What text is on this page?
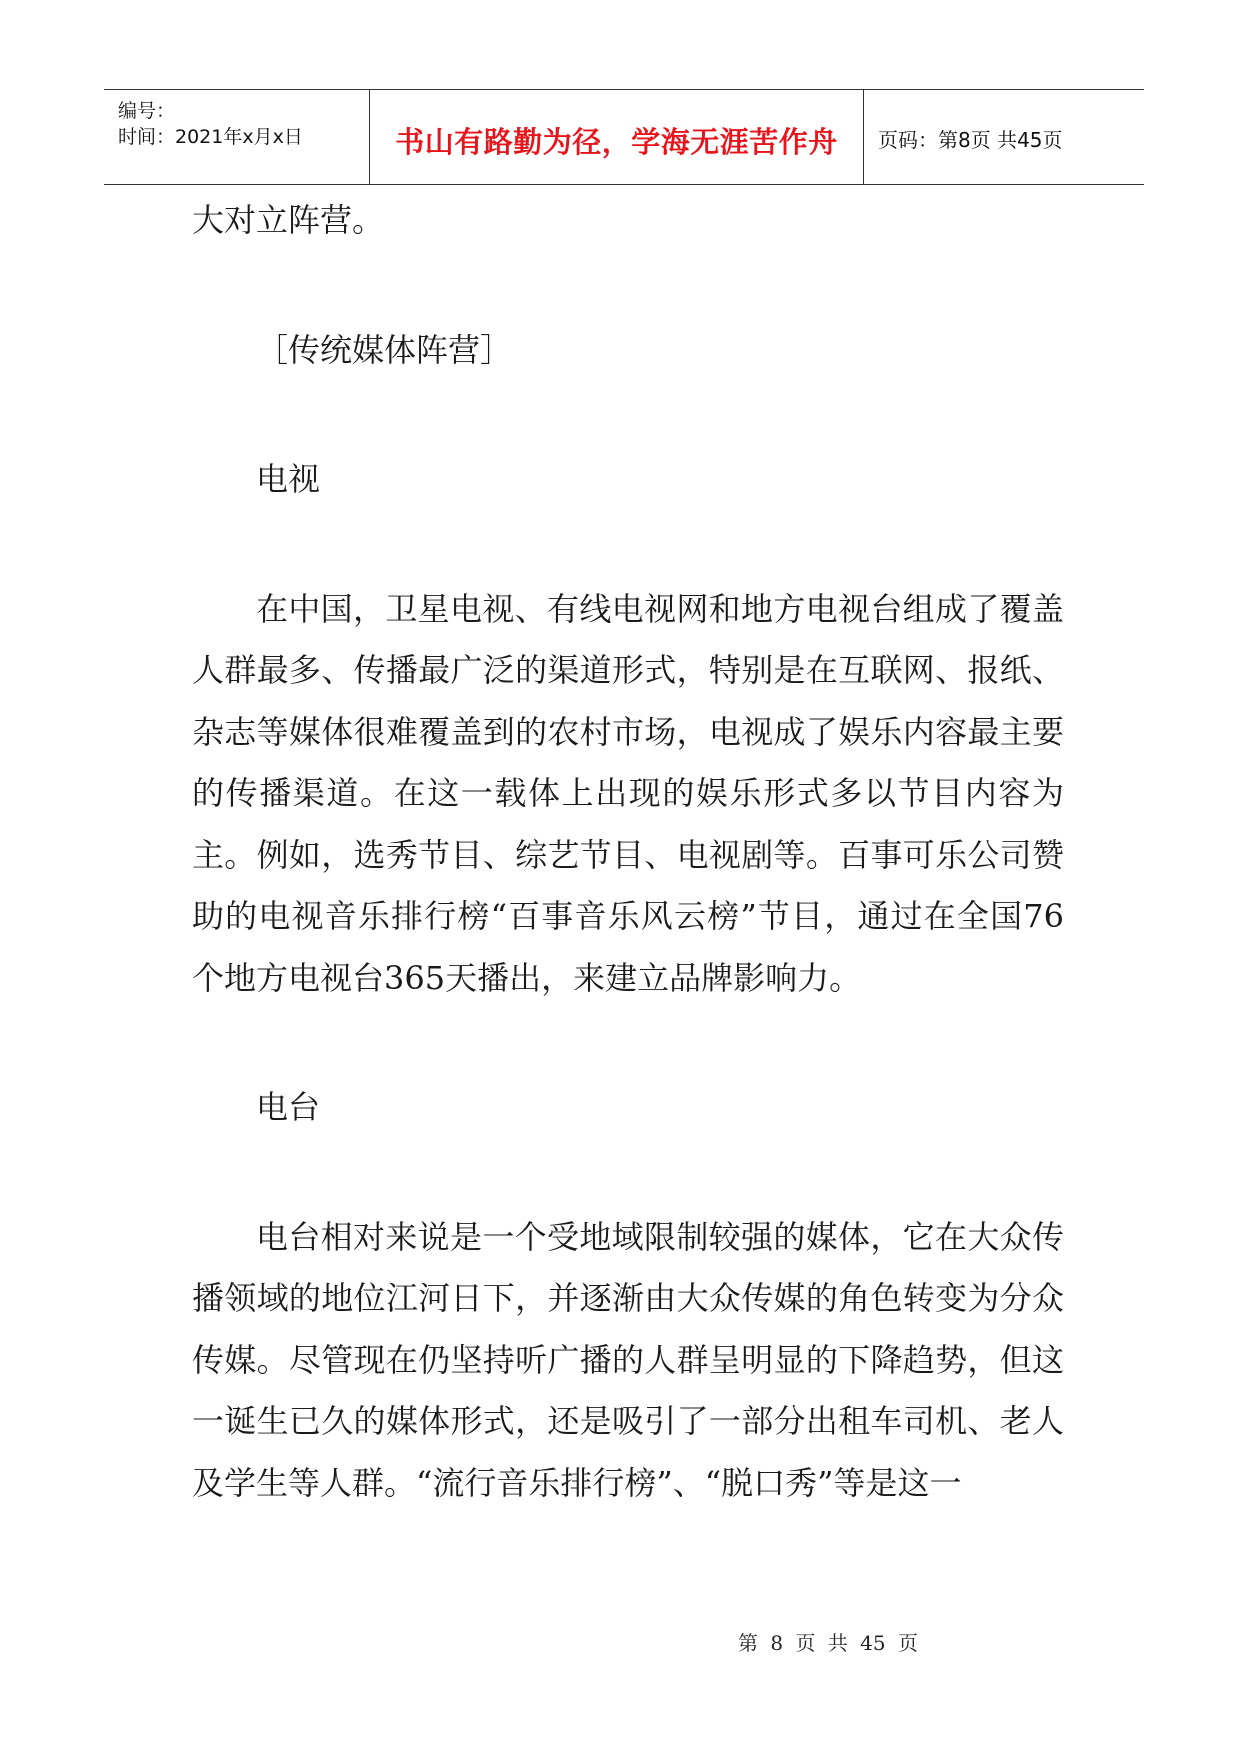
编号：
时间：2021年x月x日	书山有路勤为径，学海无涯苦作舟	页码：第8页 共45页

大对立阵营。

［传统媒体阵营］

电视

在中国，卫星电视、有线电视网和地方电视台组成了覆盖人群最多、传播最广泛的渠道形式，特别是在互联网、报纸、杂志等媒体很难覆盖到的农村市场，电视成了娱乐内容最主要的传播渠道。在这一载体上出现的娱乐形式多以节目内容为主。例如，选秀节目、综艺节目、电视剧等。百事可乐公司赞助的电视音乐排行榜“百事音乐风云榜”节目，通过在全国76个地方电视台365天播出，来建立品牌影响力。

电台

电台相对来说是一个受地域限制较强的媒体，它在大众传播领域的地位江河日下，并逐渐由大众传媒的角色转变为分众传媒。尽管现在仍坚持听广播的人群呈明显的下降趋势，但这一诞生已久的媒体形式，还是吸引了一部分出租车司机、老人及学生等人群。“流行音乐排行榜”、“脱口秀”等是这一

第 8 页 共 45 页
